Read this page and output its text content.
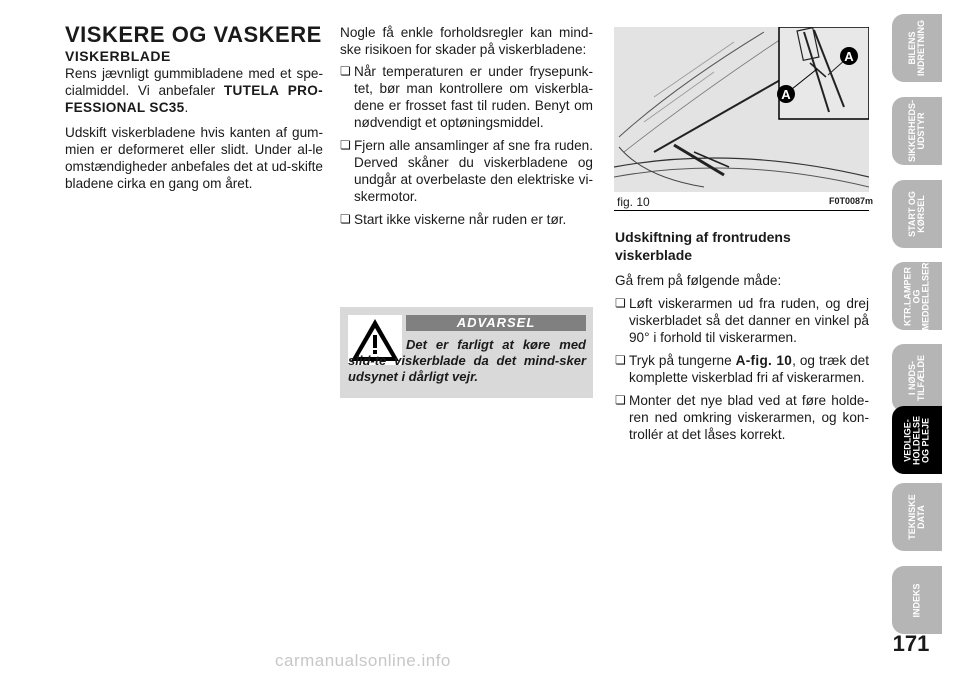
VISKERE OG VASKERE

VISKERBLADE

Rens jævnligt gummibladene med et spe-cialmiddel. Vi anbefaler TUTELA PRO-FESSIONAL SC35.

Udskift viskerbladene hvis kanten af gum-mien er deformeret eller slidt. Under al-le omstændigheder anbefales det at ud-skifte bladene cirka en gang om året.

Nogle få enkle forholdsregler kan mind-ske risikoen for skader på viskerbladene:

❏ Når temperaturen er under frysepunk-tet, bør man kontrollere om viskerbla-dene er frosset fast til ruden. Benyt om nødvendigt et optøningsmiddel.

❏ Fjern alle ansamlinger af sne fra ruden. Derved skåner du viskerbladene og undgår at overbelaste den elektriske vi-skermotor.

❏ Start ikke viskerne når ruden er tør.

ADVARSEL
Det er farligt at køre med slid-te viskerblade da det mind-sker udsynet i dårligt vejr.
A
A
fig. 10	F0T0087m

Udskiftning af frontrudens viskerblade

Gå frem på følgende måde:

❏ Løft viskerarmen ud fra ruden, og drej viskerbladet så det danner en vinkel på 90° i forhold til viskerarmen.

❏ Tryk på tungerne A-fig. 10, og træk det komplette viskerblad fri af viskerarmen.

❏ Monter det nye blad ved at føre holde-ren ned omkring viskerarmen, og kon-trollér at det låses korrekt.

BILENS
INDRETNING
SIKKERHEDS-
UDSTYR
START OG
KØRSEL
KTR.LAMPER
OG
MEDDELELSER
I NØDS-
TILFÆLDE
VEDLIGE-
HOLDELSE
OG PLEJE
TEKNISKE
DATA
INDEKS
171
carmanualsonline.info
